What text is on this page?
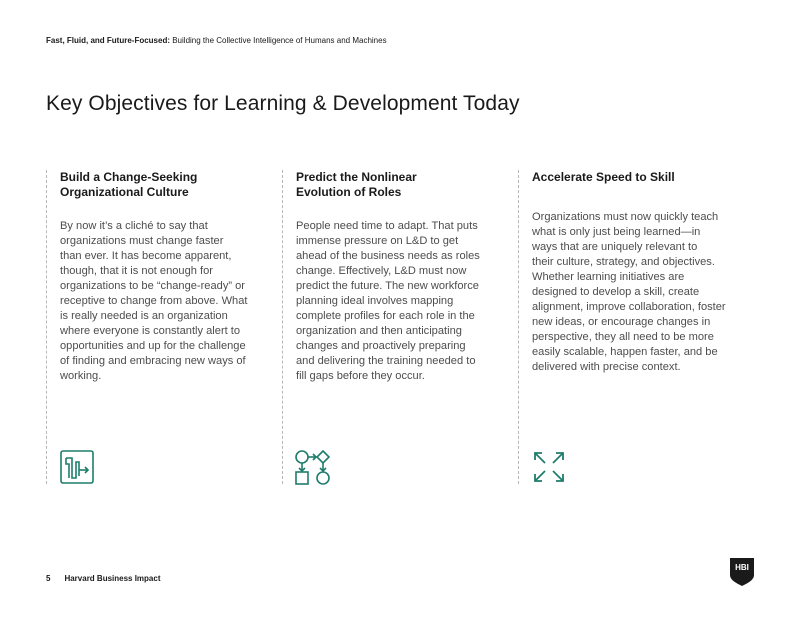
Fast, Fluid, and Future-Focused: Building the Collective Intelligence of Humans and Machines
Key Objectives for Learning & Development Today
Build a Change-Seeking
Organizational Culture

By now it’s a cliché to say that
organizations must change faster
than ever. It has become apparent,
though, that it is not enough for
organizations to be “change-ready” or
receptive to change from above. What
is really needed is an organization
where everyone is constantly alert to
opportunities and up for the challenge
of finding and embracing new ways of
working.

Predict the Nonlinear
Evolution of Roles

People need time to adapt. That puts
immense pressure on L&D to get
ahead of the business needs as roles
change. Effectively, L&D must now
predict the future. The new workforce
planning ideal involves mapping
complete profiles for each role in the
organization and then anticipating
changes and proactively preparing
and delivering the training needed to
fill gaps before they occur.

Accelerate Speed to Skill

Organizations must now quickly teach
what is only just being learned—in
ways that are uniquely relevant to
their culture, strategy, and objectives.
Whether learning initiatives are
designed to develop a skill, create
alignment, improve collaboration, foster
new ideas, or encourage changes in
perspective, they all need to be more
easily scalable, happen faster, and be
delivered with precise context.

5 Harvard Business Impact
HBI
